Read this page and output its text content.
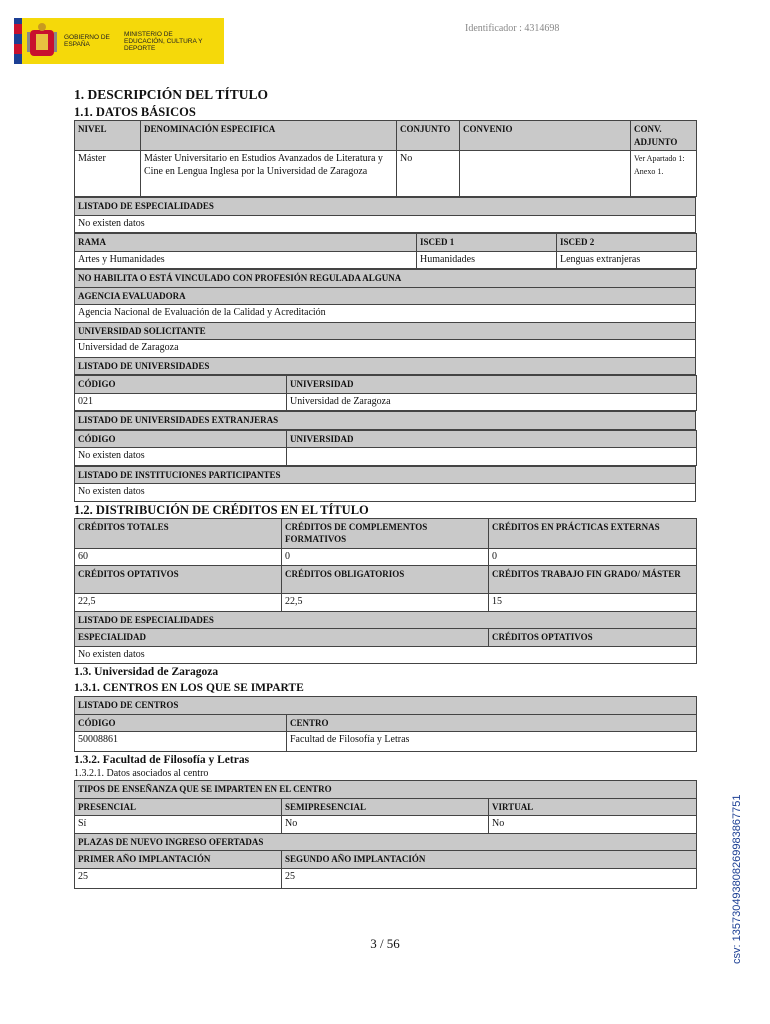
GOBIERNO DE ESPAÑA
MINISTERIO DE EDUCACIÓN, CULTURA Y DEPORTE
Identificador : 4314698
1. DESCRIPCIÓN DEL TÍTULO
1.1. DATOS BÁSICOS
NIVEL	DENOMINACIÓN ESPECIFICA	CONJUNTO	CONVENIO	CONV. ADJUNTO
Máster	Máster Universitario en Estudios Avanzados de Literatura y Cine en Lengua Inglesa por la Universidad de Zaragoza	No		Ver Apartado 1: Anexo 1.
LISTADO DE ESPECIALIDADES
No existen datos
RAMA	ISCED 1	ISCED 2
Artes y Humanidades	Humanidades	Lenguas extranjeras
NO HABILITA O ESTÁ VINCULADO CON PROFESIÓN REGULADA ALGUNA
AGENCIA EVALUADORA
Agencia Nacional de Evaluación de la Calidad y Acreditación
UNIVERSIDAD SOLICITANTE
Universidad de Zaragoza
LISTADO DE UNIVERSIDADES
CÓDIGO	UNIVERSIDAD
021	Universidad de Zaragoza
LISTADO DE UNIVERSIDADES EXTRANJERAS
CÓDIGO	UNIVERSIDAD
No existen datos	
LISTADO DE INSTITUCIONES PARTICIPANTES
No existen datos
1.2. DISTRIBUCIÓN DE CRÉDITOS EN EL TÍTULO
CRÉDITOS TOTALES	CRÉDITOS DE COMPLEMENTOS FORMATIVOS	CRÉDITOS EN PRÁCTICAS EXTERNAS
60	0	0
CRÉDITOS OPTATIVOS	CRÉDITOS OBLIGATORIOS	CRÉDITOS TRABAJO FIN GRADO/ MÁSTER
22,5	22,5	15
LISTADO DE ESPECIALIDADES		
ESPECIALIDAD		CRÉDITOS OPTATIVOS
No existen datos		
1.3. Universidad de Zaragoza
1.3.1. CENTROS EN LOS QUE SE IMPARTE
LISTADO DE CENTROS	
CÓDIGO	CENTRO
50008861	Facultad de Filosofía y Letras
1.3.2. Facultad de Filosofía y Letras
1.3.2.1. Datos asociados al centro
TIPOS DE ENSEÑANZA QUE SE IMPARTEN EN EL CENTRO		
PRESENCIAL	SEMIPRESENCIAL	VIRTUAL
Sí	No	No
PLAZAS DE NUEVO INGRESO OFERTADAS		
PRIMER AÑO IMPLANTACIÓN	SEGUNDO AÑO IMPLANTACIÓN	
25	25		csv: 135730493808269983867751
3 / 56
